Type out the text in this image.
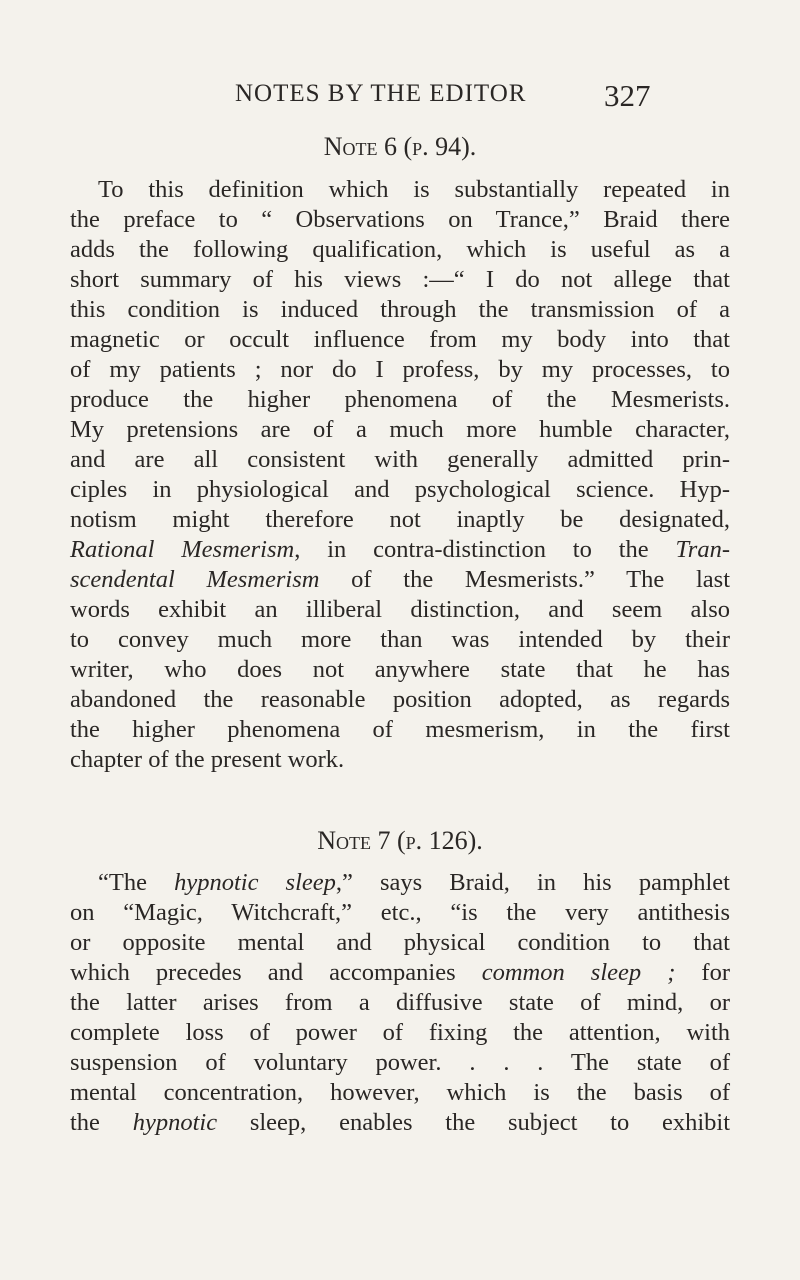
NOTES BY THE EDITOR	327
Note 6 (p. 94).
To this definition which is substantially repeated in
the preface to “ Observations on Trance,” Braid there
adds the following qualification, which is useful as a
short summary of his views :—“ I do not allege that
this condition is induced through the transmission of a
magnetic or occult influence from my body into that
of my patients ; nor do I profess, by my processes, to
produce the higher phenomena of the Mesmerists.
My pretensions are of a much more humble character,
and are all consistent with generally admitted prin-
ciples in physiological and psychological science. Hyp-
notism might therefore not inaptly be designated,
Rational Mesmerism, in contra-distinction to the Tran-
scendental Mesmerism of the Mesmerists.” The last
words exhibit an illiberal distinction, and seem also
to convey much more than was intended by their
writer, who does not anywhere state that he has
abandoned the reasonable position adopted, as regards
the higher phenomena of mesmerism, in the first
chapter of the present work.
Note 7 (p. 126).
“The hypnotic sleep,” says Braid, in his pamphlet
on “Magic, Witchcraft,” etc., “is the very antithesis
or opposite mental and physical condition to that
which precedes and accompanies common sleep ; for
the latter arises from a diffusive state of mind, or
complete loss of power of fixing the attention, with
suspension of voluntary power. . . . The state of
mental concentration, however, which is the basis of
the hypnotic sleep, enables the subject to exhibit
